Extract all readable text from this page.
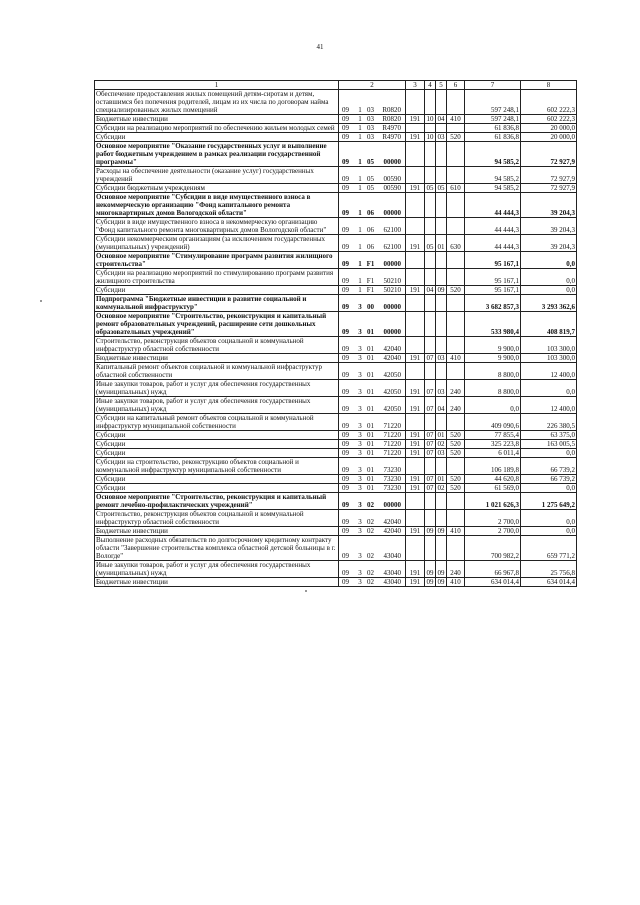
41
1	2	3	4	5	6	7	8
Обеспечение предоставления жилых помещений детям-сиротам и детям, оставшимся без попечения родителей, лицам из их числа по договорам найма специализированных жилых помещений	09 1 03 R0820					597 248,1	602 222,3
Бюджетные инвестиции	09 1 03 R0820	191	10	04	410	597 248,1	602 222,3
Субсидии на реализацию мероприятий по обеспечению жильем молодых семей	09 1 03 R4970					61 836,8	20 000,0
Субсидии	09 1 03 R4970	191	10	03	520	61 836,8	20 000,0
Основное мероприятие "Оказание государственных услуг и выполнение работ бюджетным учреждением в рамках реализации государственной программы"	09 1 05 00000					94 585,2	72 927,9
Расходы на обеспечение деятельности (оказание услуг) государственных учреждений	09 1 05 00590					94 585,2	72 927,9
Субсидии бюджетным учреждениям	09 1 05 00590	191	05	05	610	94 585,2	72 927,9
Основное мероприятие "Субсидии в виде имущественного взноса в некоммерческую организацию "Фонд капитального ремонта многоквартирных домов Вологодской области"	09 1 06 00000					44 444,3	39 204,3
Субсидии в виде имущественного взноса в некоммерческую организацию "Фонд капитального ремонта многоквартирных домов Вологодской области"	09 1 06 62100					44 444,3	39 204,3
Субсидии некоммерческим организациям (за исключением государственных (муниципальных) учреждений)	09 1 06 62100	191	05	01	630	44 444,3	39 204,3
Основное мероприятие "Стимулирование программ развития жилищного строительства"	09 1 F1 00000					95 167,1	0,0
Субсидии на реализацию мероприятий по стимулированию программ развития жилищного строительства	09 1 F1 50210					95 167,1	0,0
Субсидии	09 1 F1 50210	191	04	09	520	95 167,1	0,0
Подпрограмма "Бюджетные инвестиции в развитие социальной и коммунальной инфраструктур"	09 3 00 00000					3 682 857,3	3 293 362,6
Основное мероприятие "Строительство, реконструкция и капитальный ремонт образовательных учреждений, расширение сети дошкольных образовательных учреждений"	09 3 01 00000					533 980,4	408 819,7
Строительство, реконструкция объектов социальной и коммунальной инфраструктур областной собственности	09 3 01 42040					9 900,0	103 300,0
Бюджетные инвестиции	09 3 01 42040	191	07	03	410	9 900,0	103 300,0
Капитальный ремонт объектов социальной и коммунальной инфраструктур областной собственности	09 3 01 42050					8 800,0	12 400,0
Иные закупки товаров, работ и услуг для обеспечения государственных (муниципальных) нужд	09 3 01 42050	191	07	03	240	8 800,0	0,0
Иные закупки товаров, работ и услуг для обеспечения государственных (муниципальных) нужд	09 3 01 42050	191	07	04	240	0,0	12 400,0
Субсидии на капитальный ремонт объектов социальной и коммунальной инфраструктур муниципальной собственности	09 3 01 71220					409 090,6	226 380,5
Субсидии	09 3 01 71220	191	07	01	520	77 855,4	63 375,0
Субсидии	09 3 01 71220	191	07	02	520	325 223,8	163 005,5
Субсидии	09 3 01 71220	191	07	03	520	6 011,4	0,0
Субсидии на строительство, реконструкцию объектов социальной и коммунальной инфраструктур муниципальной собственности	09 3 01 73230					106 189,8	66 739,2
Субсидии	09 3 01 73230	191	07	01	520	44 620,8	66 739,2
Субсидии	09 3 01 73230	191	07	02	520	61 569,0	0,0
Основное мероприятие "Строительство, реконструкция и капитальный ремонт лечебно-профилактических учреждений"	09 3 02 00000					1 021 626,3	1 275 649,2
Строительство, реконструкция объектов социальной и коммунальной инфраструктур областной собственности	09 3 02 42040					2 700,0	0,0
Бюджетные инвестиции	09 3 02 42040	191	09	09	410	2 700,0	0,0
Выполнение расходных обязательств по долгосрочному кредитному контракту области "Завершение строительства комплекса областной детской больницы в г. Вологде"	09 3 02 43040					700 982,2	659 771,2
Иные закупки товаров, работ и услуг для обеспечения государственных (муниципальных) нужд	09 3 02 43040	191	09	09	240	66 967,8	25 756,8
Бюджетные инвестиции	09 3 02 43040	191	09	09	410	634 014,4	634 014,4
